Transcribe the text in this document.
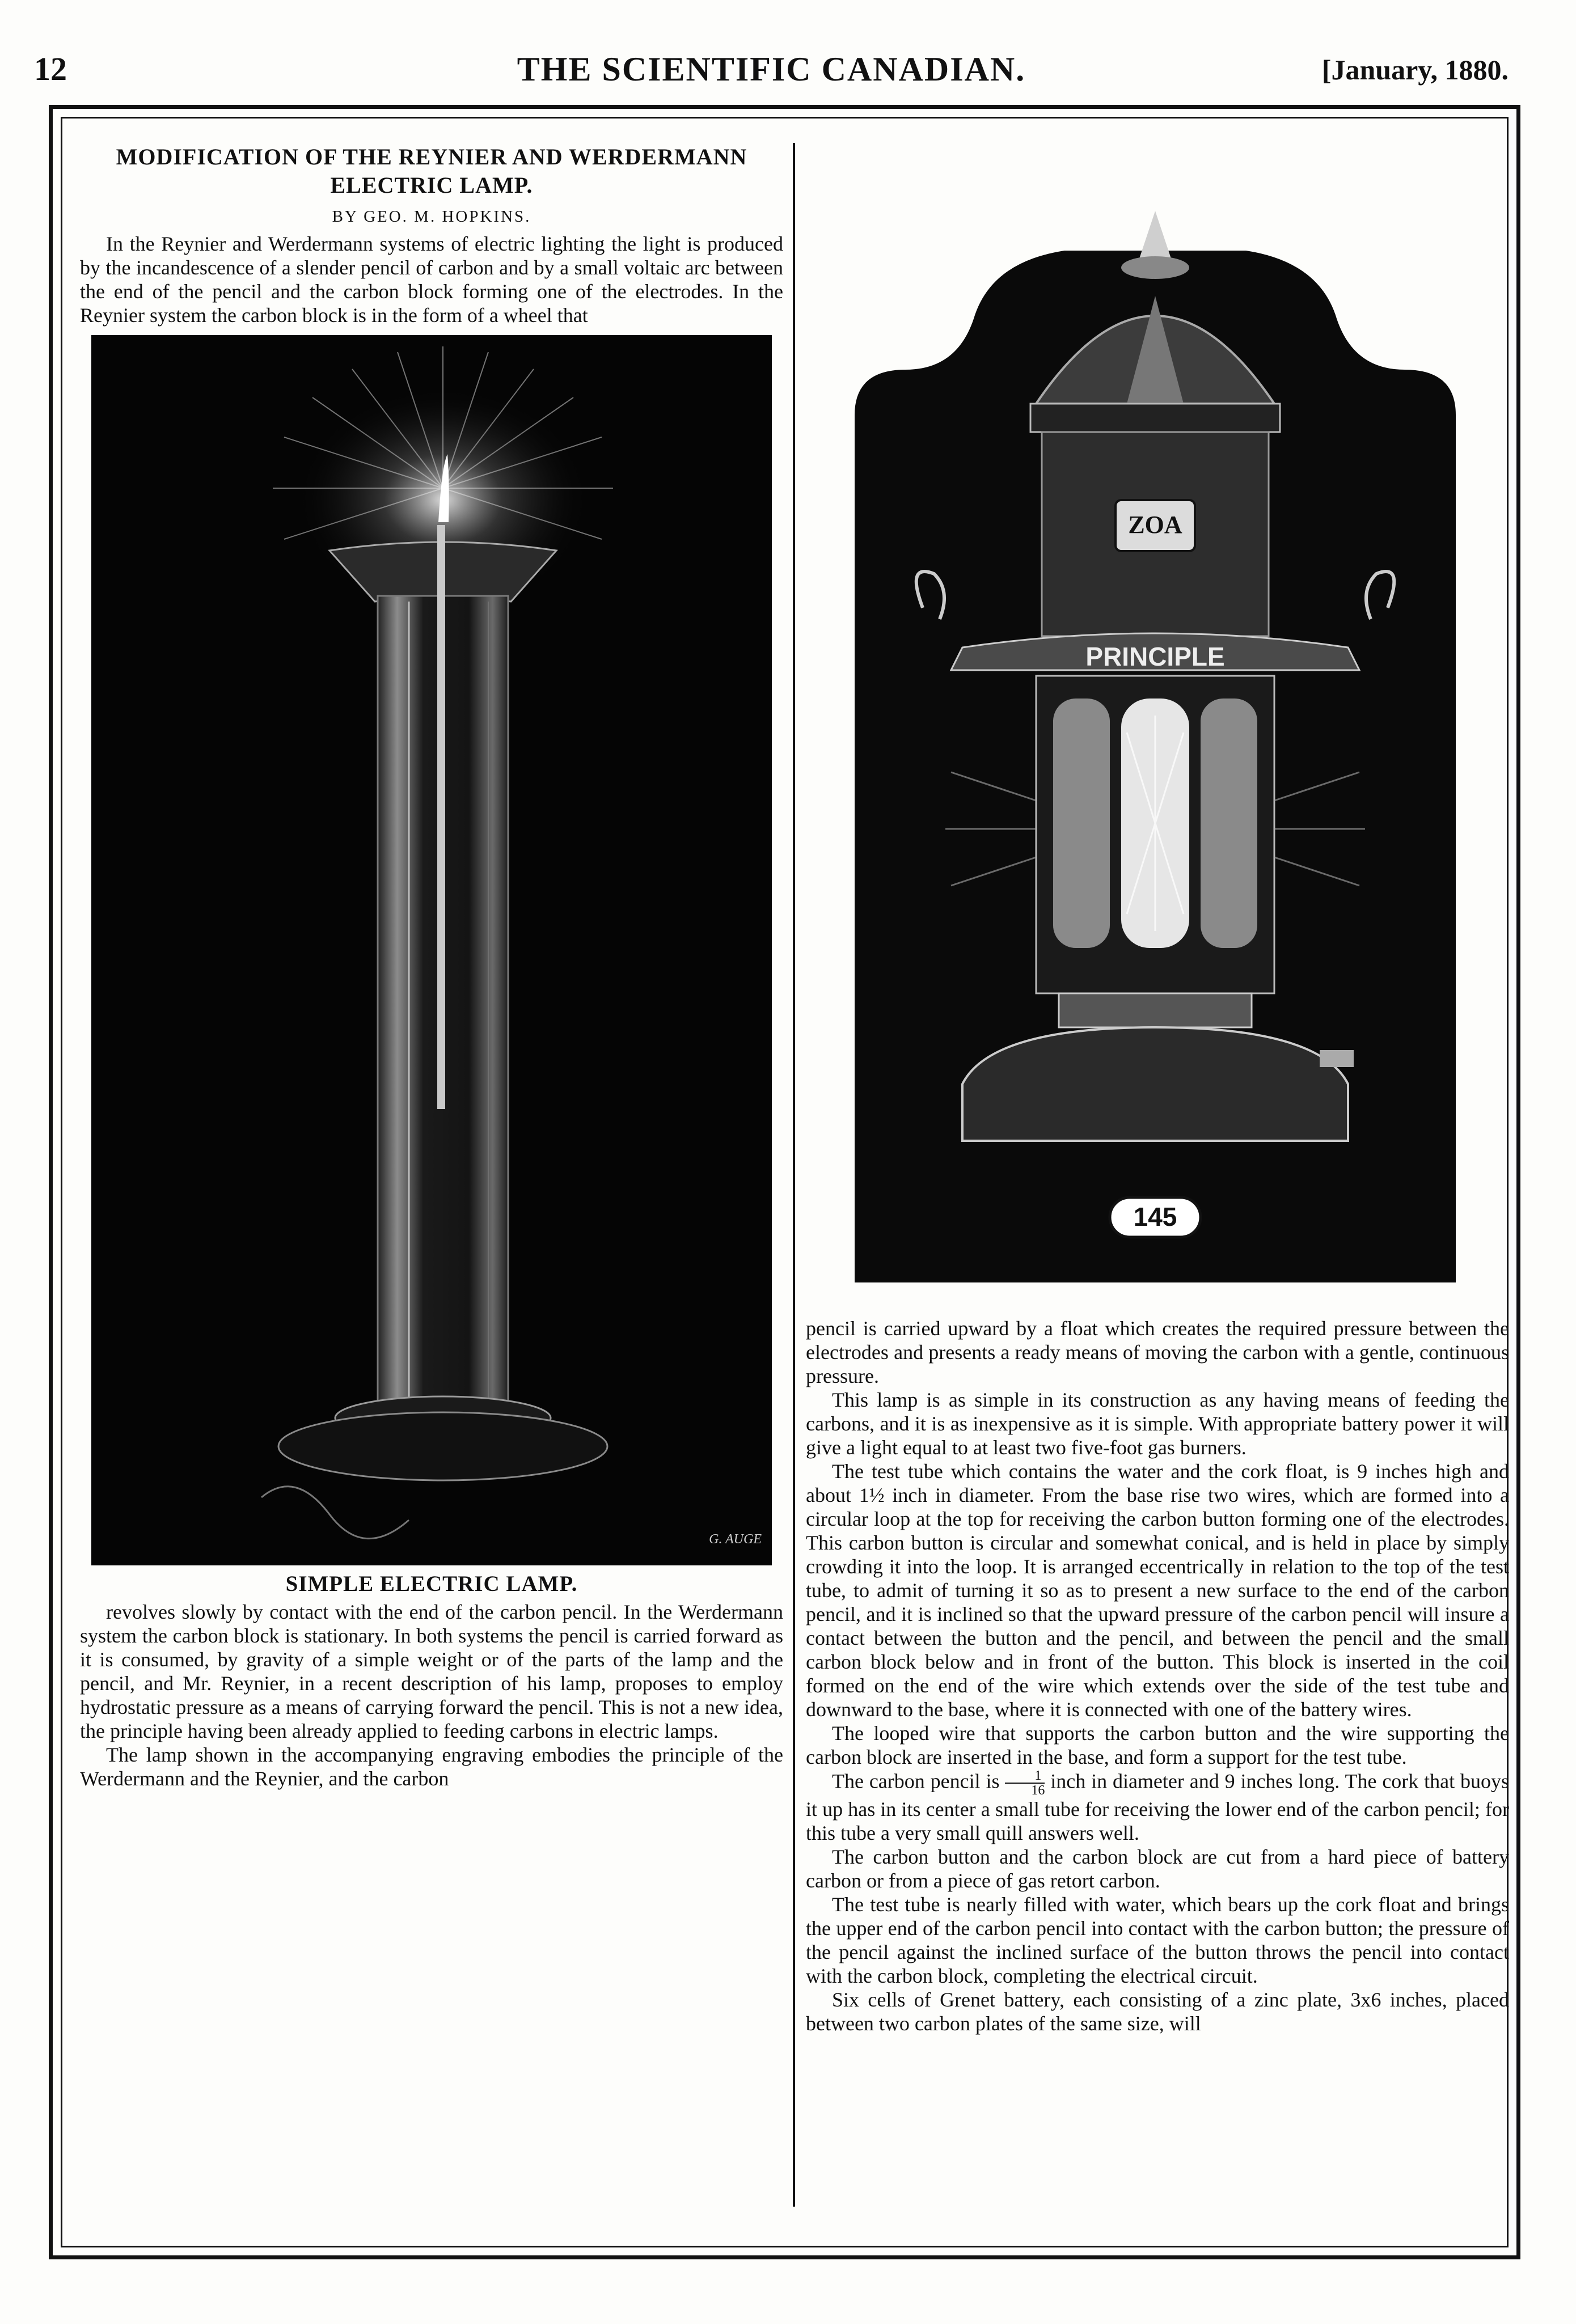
12	THE SCIENTIFIC CANADIAN.	[January, 1880.
MODIFICATION OF THE REYNIER AND WERDERMANN
ELECTRIC LAMP.
BY GEO. M. HOPKINS.

In the Reynier and Werdermann systems of electric lighting the light is produced by the incandescence of a slender pencil of carbon and by a small voltaic arc between the end of the pencil and the carbon block forming one of the electrodes. In the Reynier system the carbon block is in the form of a wheel that

G. AUGE
SIMPLE ELECTRIC LAMP.

revolves slowly by contact with the end of the carbon pencil. In the Werdermann system the carbon block is stationary. In both systems the pencil is carried forward as it is consumed, by gravity of a simple weight or of the parts of the lamp and the pencil, and Mr. Reynier, in a recent description of his lamp, proposes to employ hydrostatic pressure as a means of carrying forward the pencil. This is not a new idea, the principle having been already applied to feeding carbons in electric lamps.

The lamp shown in the accompanying engraving embodies the principle of the Werdermann and the Reynier, and the carbon

ZOA
PRINCIPLE
145

pencil is carried upward by a float which creates the required pressure between the electrodes and presents a ready means of moving the carbon with a gentle, continuous pressure.

This lamp is as simple in its construction as any having means of feeding the carbons, and it is as inexpensive as it is simple. With appropriate battery power it will give a light equal to at least two five-foot gas burners.

The test tube which contains the water and the cork float, is 9 inches high and about 1½ inch in diameter. From the base rise two wires, which are formed into a circular loop at the top for receiving the carbon button forming one of the electrodes. This carbon button is circular and somewhat conical, and is held in place by simply crowding it into the loop. It is arranged eccentrically in relation to the top of the test tube, to admit of turning it so as to present a new surface to the end of the carbon pencil, and it is inclined so that the upward pressure of the carbon pencil will insure a contact between the button and the pencil, and between the pencil and the small carbon block below and in front of the button. This block is inserted in the coil formed on the end of the wire which extends over the side of the test tube and downward to the base, where it is connected with one of the battery wires.

The looped wire that supports the carbon button and the wire supporting the carbon block are inserted in the base, and form a support for the test tube.

The carbon pencil is $\frac{1}{16}$ inch in diameter and 9 inches long. The cork that buoys it up has in its center a small tube for receiving the lower end of the carbon pencil; for this tube a very small quill answers well.

The carbon button and the carbon block are cut from a hard piece of battery carbon or from a piece of gas retort carbon.

The test tube is nearly filled with water, which bears up the cork float and brings the upper end of the carbon pencil into contact with the carbon button; the pressure of the pencil against the inclined surface of the button throws the pencil into contact with the carbon block, completing the electrical circuit.

Six cells of Grenet battery, each consisting of a zinc plate, 3x6 inches, placed between two carbon plates of the same size, will
